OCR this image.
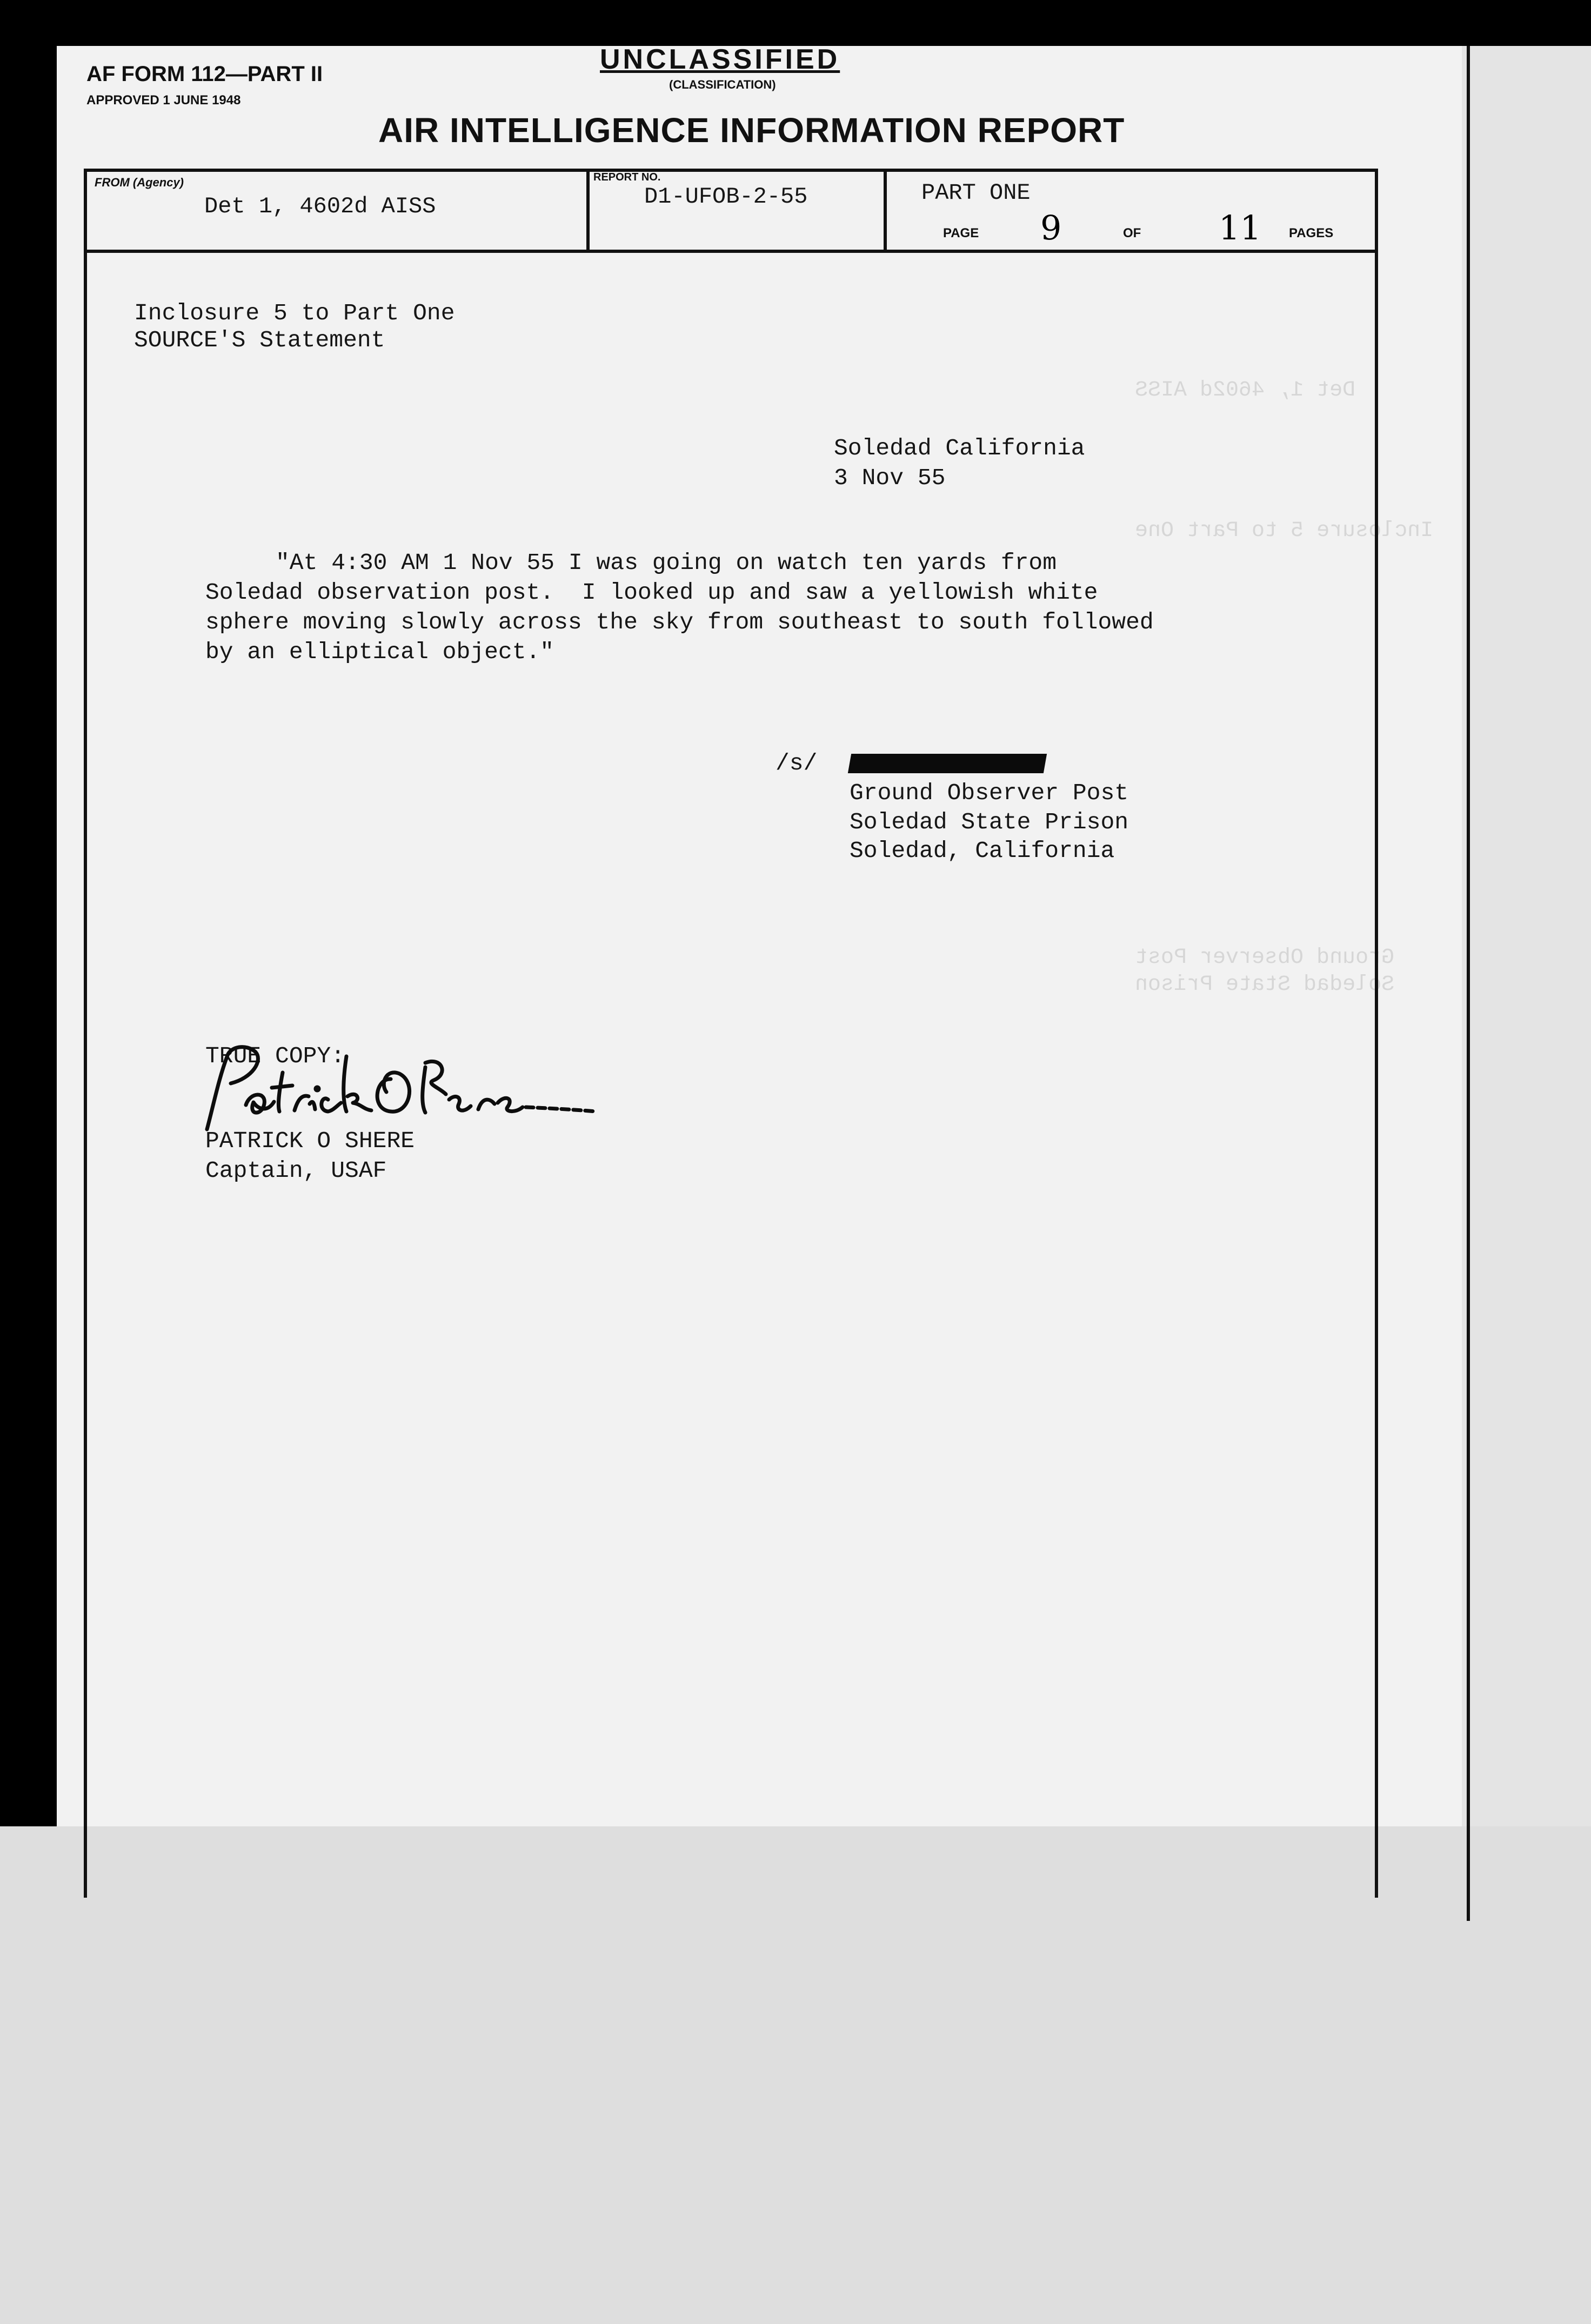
Det 1, 4602d AISS
Inclosure 5 to Part One
Ground Observer Post
Soledad State Prison
AF FORM 112—PART II
APPROVED 1 JUNE 1948
UNCLASSIFIED
(CLASSIFICATION)
AIR INTELLIGENCE INFORMATION REPORT
FROM (Agency)
Det 1, 4602d AISS
REPORT NO.
D1-UFOB-2-55	PART ONE
PAGE 9	OF 11 PAGES
Inclosure 5 to Part One
SOURCE'S Statement
Soledad California
3 Nov 55
"At 4:30 AM 1 Nov 55 I was going on watch ten yards from
Soledad observation post.  I looked up and saw a yellowish white
sphere moving slowly across the sky from southeast to south followed
by an elliptical object."
/s/
Ground Observer Post
Soledad State Prison
Soledad, California
TRUE COPY:
PATRICK O SHERE
Captain, USAF
